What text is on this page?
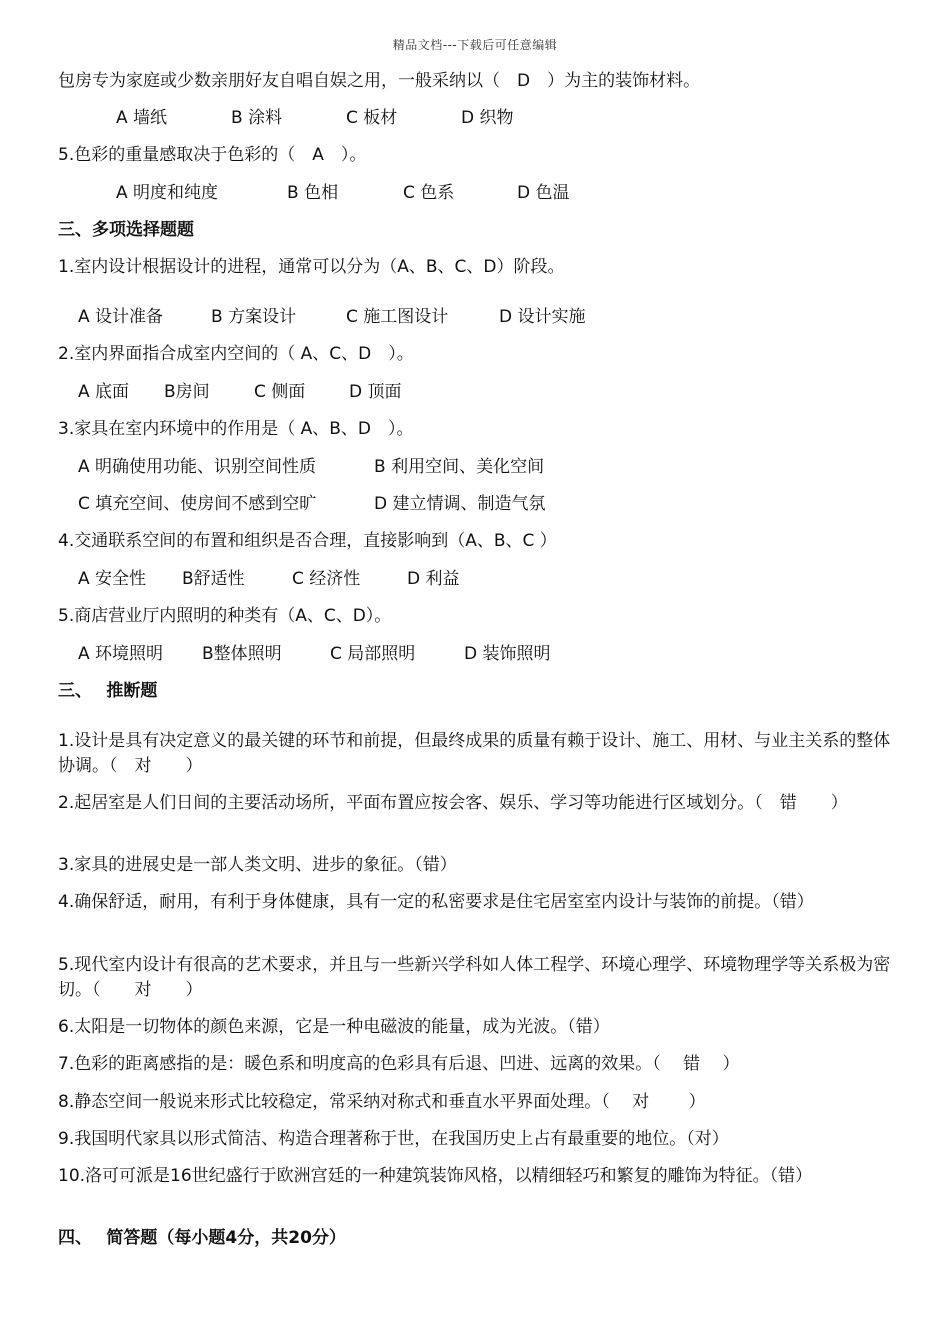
精品文档---下载后可任意编辑
包房专为家庭或少数亲朋好友自唱自娱之用，一般采纳以（　D　）为主的装饰材料。
A 墙纸	B 涂料	C 板材	D 织物
5.色彩的重量感取决于色彩的（　A　）。
A 明度和纯度	B 色相	C 色系	D 色温
三、多项选择题题
1.室内设计根据设计的进程，通常可以分为（A、B、C、D）阶段。
A 设计准备	B 方案设计	C 施工图设计	D 设计实施
2.室内界面指合成室内空间的（ A、C、D　）。
A 底面	B房间	C 侧面	D 顶面
3.家具在室内环境中的作用是（ A、B、D　）。
A 明确使用功能、识别空间性质	B 利用空间、美化空间
C 填充空间、使房间不感到空旷	D 建立情调、制造气氛
4.交通联系空间的布置和组织是否合理，直接影响到（A、B、C ）
A 安全性	B舒适性	C 经济性	D 利益
5.商店营业厅内照明的种类有（A、C、D）。
A 环境照明	B整体照明	C 局部照明	D 装饰照明
三、　 推断题
1.设计是具有决定意义的最关键的环节和前提，但最终成果的质量有赖于设计、施工、用材、与业主关系的整体协调。（　对　　）
2.起居室是人们日间的主要活动场所，平面布置应按会客、娱乐、学习等功能进行区域划分。（　错　　）
3.家具的进展史是一部人类文明、进步的象征。（错）
4.确保舒适，耐用，有利于身体健康，具有一定的私密要求是住宅居室室内设计与装饰的前提。（错）
5.现代室内设计有很高的艺术要求，并且与一些新兴学科如人体工程学、环境心理学、环境物理学等关系极为密切。（　　对　　）
6.太阳是一切物体的颜色来源，它是一种电磁波的能量，成为光波。（错）
7.色彩的距离感指的是：暖色系和明度高的色彩具有后退、凹进、远离的效果。（　 错　 ）
8.静态空间一般说来形式比较稳定，常采纳对称式和垂直水平界面处理。（　 对　　 ）
9.我国明代家具以形式简洁、构造合理著称于世，在我国历史上占有最重要的地位。（对）
10.洛可可派是16世纪盛行于欧洲宫廷的一种建筑装饰风格，以精细轻巧和繁复的雕饰为特征。（错）
四、　 简答题（每小题4分，共20分）
